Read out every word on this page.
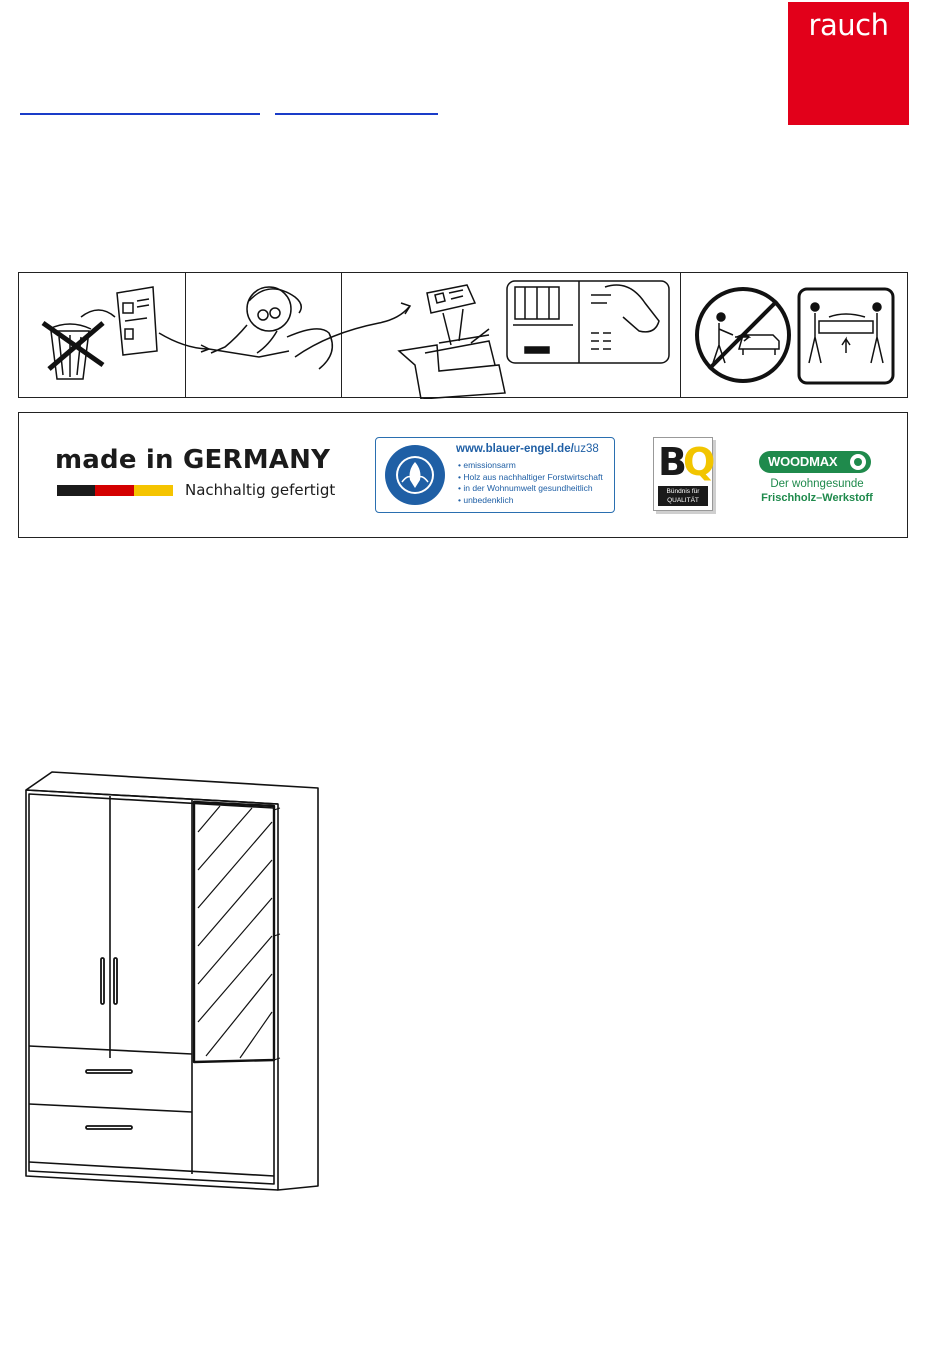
rauch
made in GERMANY
Nachhaltig gefertigt
www.blauer-engel.de/uz38
• emissionsarm
• Holz aus nachhaltiger Forstwirtschaft
• in der Wohnumwelt gesundheitlich
• unbedenklich
BQ
Bündnis für
QUALITÄT
WOODMAX
Der wohngesunde
Frischholz–Werkstoff
